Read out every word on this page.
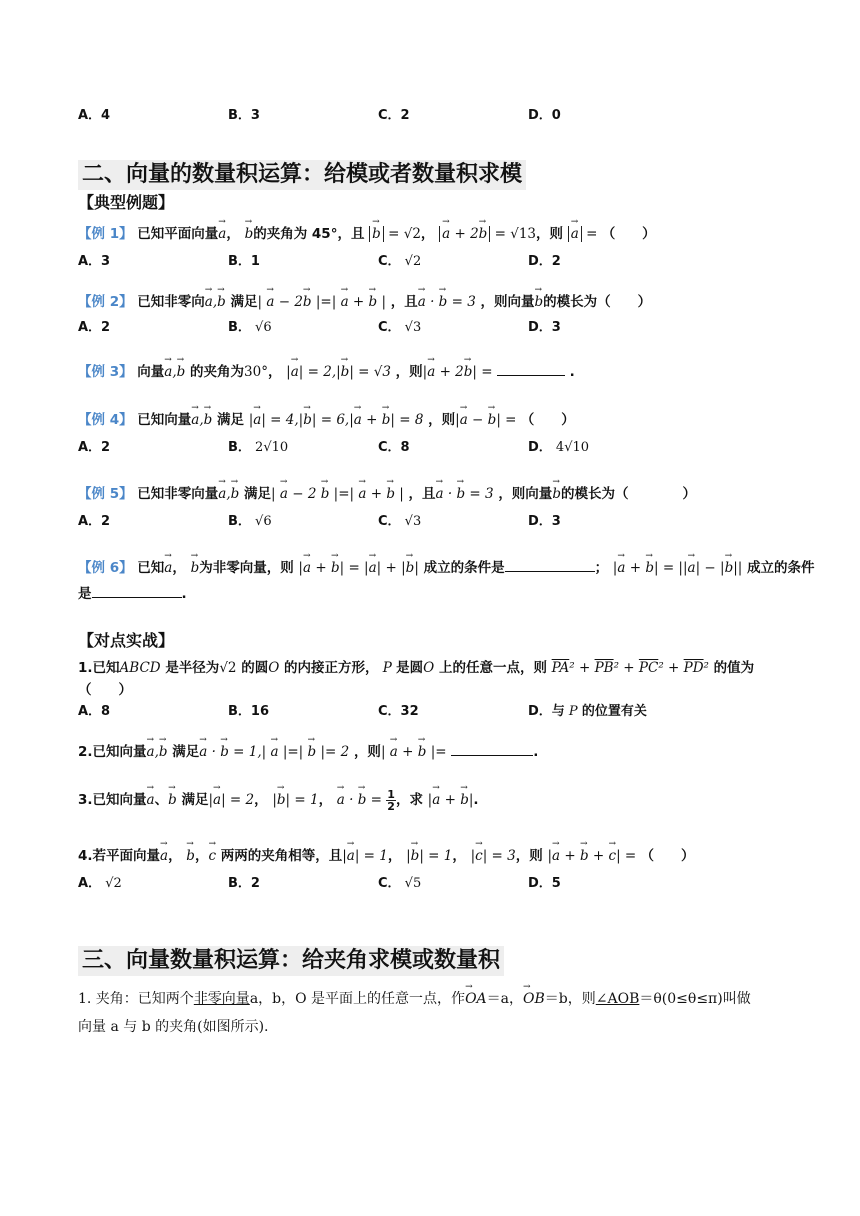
A．4	B．3	C．2	D．0
二、向量的数量积运算：给模或者数量积求模
【典型例题】
【例 1】 已知平面向量→ a， → b的夹角为 45°，且 → b = √2， → a + 2→ b = √13，则 → a = （　　）
A．3	B．1	C． √2	D．2
【例 2】 已知非零向→ a,→ b 满足| → a − 2→ b |=| → a + → b | ，且→ a · → b = 3 ，则向量→ b的模长为（　　）
A．2	B． √6	C． √3	D．3
【例 3】 向量→ a,→ b 的夹角为30°， |→ a| = 2,|→ b| = √3 ，则|→ a + 2→ b| =	.
【例 4】 已知向量→ a,→ b 满足 |→ a| = 4,|→ b| = 6,|→ a + → b| = 8 ，则|→ a − → b| = （　　）
A．2	B． 2√10	C．8	D． 4√10
【例 5】 已知非零向量→ a,→ b 满足| → a − 2 → b |=| → a + → b | ，且→ a · → b = 3 ，则向量→ b的模长为（　　　　）
A．2	B． √6	C． √3	D．3
【例 6】 已知→ a， → b为非零向量，则 |→ a + → b| = |→ a| + |→ b| 成立的条件是	； |→ a + → b| = ||→ a| − |→ b|| 成立的条件
是	.
【对点实战】
1.已知ABCD 是半径为√2 的圆O 的内接正方形， P 是圆O 上的任意一点，则 $\overline{PA}^2 + \overline{PB}^2 + \overline{PC}^2 + \overline{PD}^2$ 的值为
（　　）
A．8	B．16	C．32	D．与 P 的位置有关
2.已知向量→ a,→ b 满足→ a · → b = 1,| → a |=| → b |= 2 ，则| → a + → b |=	.
3.已知向量→ a、→ b 满足|→ a| = 2， |→ b| = 1， → a · → $b = \frac{1}{2}$ ，求 |→ a + → b|.
4.若平面向量→ a， → b，→ c 两两的夹角相等，且|→ a| = 1， |→ b| = 1， |→ c| = 3，则 |→ a + → b + → c| = （　　）
A． √2	B．2	C． √5	D．5
三、向量数量积运算：给夹角求模或数量积
1. 夹角：已知两个非零向量a，b，O 是平面上的任意一点，作→ OA＝a，→ OB＝b，则∠AOB＝θ(0≤θ≤π)叫做
向量 a 与 b 的夹角(如图所示).
